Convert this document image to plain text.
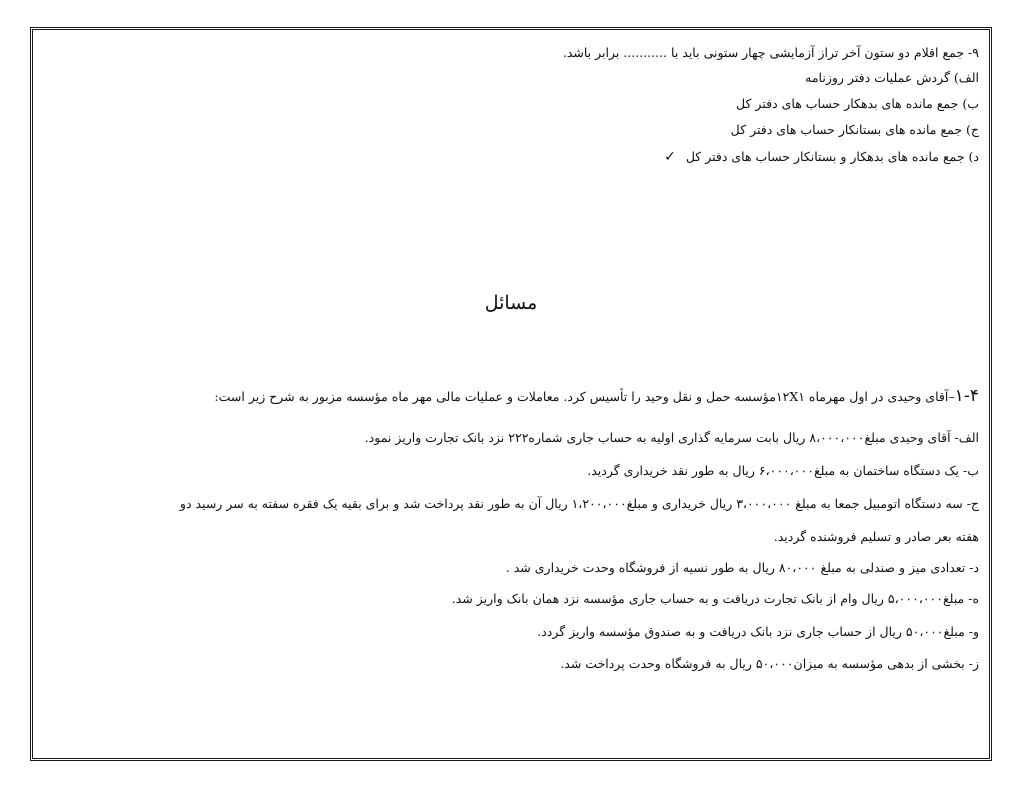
۹- جمع اقلام دو ستون آخر تراز آزمایشی چهار ستونی باید با ........... برابر باشد.
الف) گردش عملیات دفتر روزنامه
ب) جمع مانده های بدهکار حساب های دفتر کل
ج) جمع مانده های بستانکار حساب های دفتر کل
د) جمع مانده های بدهکار و بستانکار حساب های دفتر کل ✓
مسائل
۱-۴–آقای وحیدی در اول مهرماه ۱۲X۱مؤسسه حمل و نقل وحید را تأسیس کرد. معاملات و عملیات مالی مهر ماه مؤسسه مزبور به شرح زیر است:
الف- آقای وحیدی مبلغ۸،۰۰۰،۰۰۰ ریال بابت سرمایه گذاری اولیه به حساب جاری شماره۲۲۲ نزد بانک تجارت واریز نمود.
ب- یک دستگاه ساختمان به مبلغ۶،۰۰۰،۰۰۰ ریال به طور نقد خریداری گردید.
ج- سه دستگاه اتومبیل جمعا به مبلغ ۳،۰۰۰،۰۰۰ ریال خریداری و مبلغ۱،۲۰۰،۰۰۰ ریال آن به طور نقد پرداخت شد و برای بقیه یک فقره سفته به سر رسید دو
هفته بعر صادر و تسلیم فروشنده گردید.
د- تعدادی میز و صندلی به مبلغ ۸۰،۰۰۰ ریال به طور نسیه از فروشگاه وحدت خریداری شد .
ه- مبلغ۵،۰۰۰،۰۰۰ ریال وام از بانک تجارت دریافت و به حساب جاری مؤسسه نزد همان بانک واریز شد.
و- مبلغ۵۰،۰۰۰ ریال از حساب جاری نزد بانک دریافت و به صندوق مؤسسه واریز گردد.
ز- بخشی از بدهی مؤسسه به میزان۵۰،۰۰۰ ریال به فروشگاه وحدت پرداخت شد.
